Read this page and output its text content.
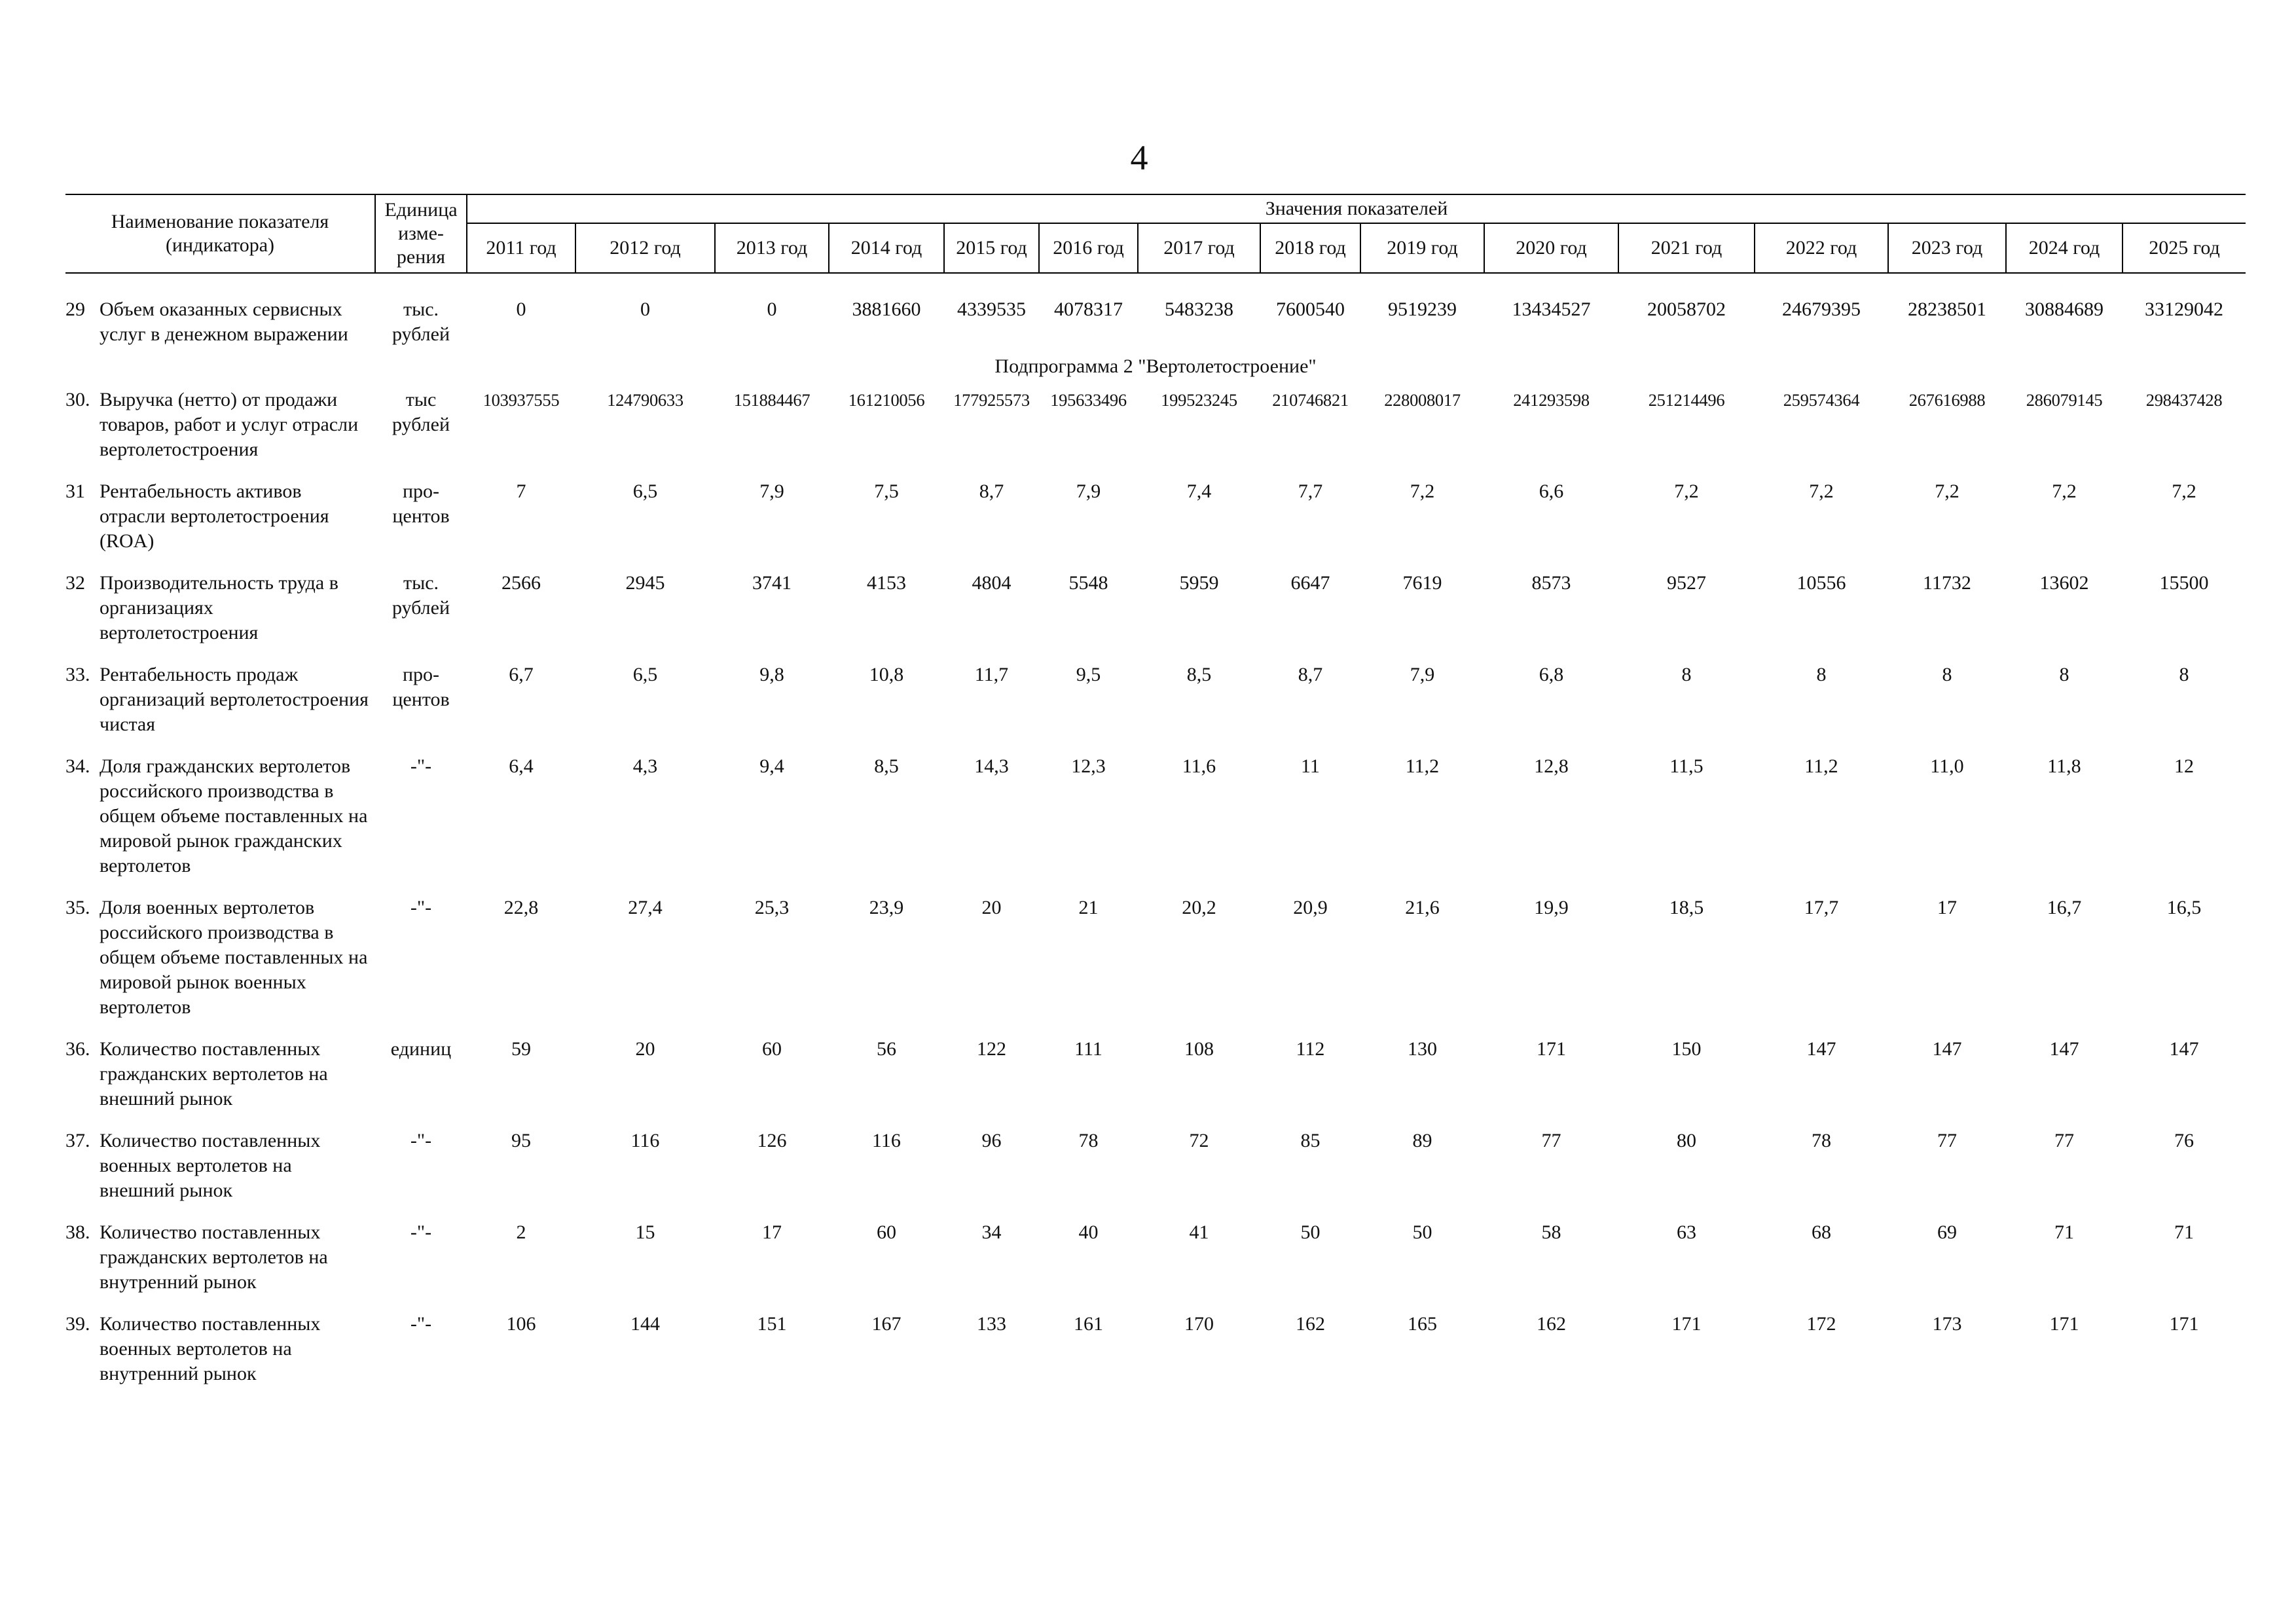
4
Наименование показателя (индикатора)	Единица изме-рения	Значения показателей														
		2011 год	2012 год	2013 год	2014 год	2015 год	2016 год	2017 год	2018 год	2019 год	2020 год	2021 год	2022 год	2023 год	2024 год	2025 год

29 Объем оказанных сервисных услуг в денежном выражении	тыс. рублей	0	0	0	3881660	4339535	4078317	5483238	7600540	9519239	13434527	20058702	24679395	28238501	30884689	33129042
Подпрограмма 2 "Вертолетостроение"																

30. Выручка (нетто) от продажи товаров, работ и услуг отрасли вертолетостроения	тыс рублей	103937555	124790633	151884467	161210056	177925573	195633496	199523245	210746821	228008017	241293598	251214496	259574364	267616988	286079145	298437428

31 Рентабельность активов отрасли вертолетостроения (ROA)	про-центов	7	6,5	7,9	7,5	8,7	7,9	7,4	7,7	7,2	6,6	7,2	7,2	7,2	7,2	7,2

32 Производительность труда в организациях вертолетостроения	тыс. рублей	2566	2945	3741	4153	4804	5548	5959	6647	7619	8573	9527	10556	11732	13602	15500

33. Рентабельность продаж организаций вертолетостроения чистая	про-центов	6,7	6,5	9,8	10,8	11,7	9,5	8,5	8,7	7,9	6,8	8	8	8	8	8

34. Доля гражданских вертолетов российского производства в общем объеме поставленных на мировой рынок гражданских вертолетов	-"-	6,4	4,3	9,4	8,5	14,3	12,3	11,6	11	11,2	12,8	11,5	11,2	11,0	11,8	12

35. Доля военных вертолетов российского производства в общем объеме поставленных на мировой рынок военных вертолетов	-"-	22,8	27,4	25,3	23,9	20	21	20,2	20,9	21,6	19,9	18,5	17,7	17	16,7	16,5

36. Количество поставленных гражданских вертолетов на внешний рынок	единиц	59	20	60	56	122	111	108	112	130	171	150	147	147	147	147

37. Количество поставленных военных вертолетов на внешний рынок	-"-	95	116	126	116	96	78	72	85	89	77	80	78	77	77	76

38. Количество поставленных гражданских вертолетов на внутренний рынок	-"-	2	15	17	60	34	40	41	50	50	58	63	68	69	71	71

39. Количество поставленных военных вертолетов на внутренний рынок	-"-	106	144	151	167	133	161	170	162	165	162	171	172	173	171	171
